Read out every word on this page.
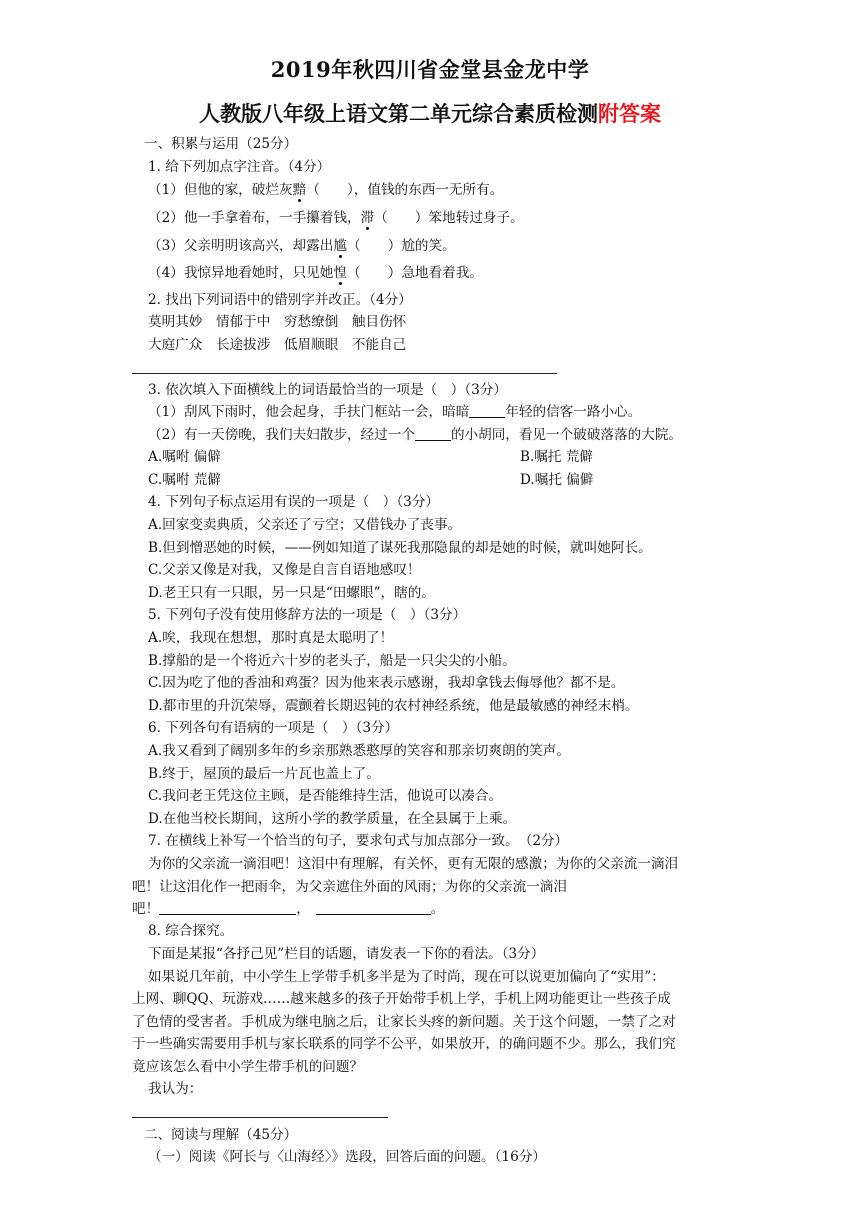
2019年秋四川省金堂县金龙中学
人教版八年级上语文第二单元综合素质检测附答案
一、积累与运用（25分）
1. 给下列加点字注音。（4分）
（1）但他的家，破烂灰黯（　　），值钱的东西一无所有。
（2）他一手拿着布，一手攥着钱，滞（　　）笨地转过身子。
（3）父亲明明该高兴，却露出尴（　　）尬的笑。
（4）我惊异地看她时，只见她惶（　　）急地看着我。
2. 找出下列词语中的错别字并改正。（4分）
莫明其妙　情郁于中　穷愁缭倒　触目伤怀
大庭广众　长途拔涉　低眉顺眼　不能自己
3. 依次填入下面横线上的词语最恰当的一项是（　）（3分）
（1）刮风下雨时，他会起身，手扶门框站一会，暗暗	年轻的信客一路小心。
（2）有一天傍晚，我们夫妇散步，经过一个	的小胡同，看见一个破破落落的大院。
A.嘱咐 偏僻	B.嘱托 荒僻
C.嘱咐 荒僻	D.嘱托 偏僻
4. 下列句子标点运用有误的一项是（　）（3分）
A.回家变卖典质，父亲还了亏空；又借钱办了丧事。
B.但到憎恶她的时候，——例如知道了谋死我那隐鼠的却是她的时候，就叫她阿长。
C.父亲又像是对我，又像是自言自语地感叹！
D.老王只有一只眼，另一只是“田螺眼”，瞎的。
5. 下列句子没有使用修辞方法的一项是（　）（3分）
A.唉，我现在想想，那时真是太聪明了！
B.撑船的是一个将近六十岁的老头子，船是一只尖尖的小船。
C.因为吃了他的香油和鸡蛋？因为他来表示感谢，我却拿钱去侮辱他？都不是。
D.都市里的升沉荣辱，震颤着长期迟钝的农村神经系统，他是最敏感的神经末梢。
6. 下列各句有语病的一项是（　）（3分）
A.我又看到了阔别多年的乡亲那熟悉憨厚的笑容和那亲切爽朗的笑声。
B.终于，屋顶的最后一片瓦也盖上了。
C.我问老王凭这位主顾，是否能维持生活，他说可以凑合。
D.在他当校长期间，这所小学的教学质量，在全县属于上乘。
7. 在横线上补写一个恰当的句子，要求句式与加点部分一致。　（2分）
为你的父亲流一滴泪吧！这泪中有理解，有关怀，更有无限的感激；为你的父亲流一滴泪
吧！让这泪化作一把雨伞，为父亲遮住外面的风雨；为你的父亲流一滴泪
吧！	，	。
8. 综合探究。
下面是某报“各抒己见”栏目的话题，请发表一下你的看法。（3分）
如果说几年前，中小学生上学带手机多半是为了时尚，现在可以说更加偏向了“实用”：
上网、聊QQ、玩游戏……越来越多的孩子开始带手机上学，手机上网功能更让一些孩子成
了色情的受害者。手机成为继电脑之后，让家长头疼的新问题。关于这个问题，一禁了之对
于一些确实需要用手机与家长联系的同学不公平，如果放开，的确问题不少。那么，我们究
竟应该怎么看中小学生带手机的问题？
我认为：
二、阅读与理解（45分）
（一）阅读《阿长与〈山海经〉》选段，回答后面的问题。（16分）
